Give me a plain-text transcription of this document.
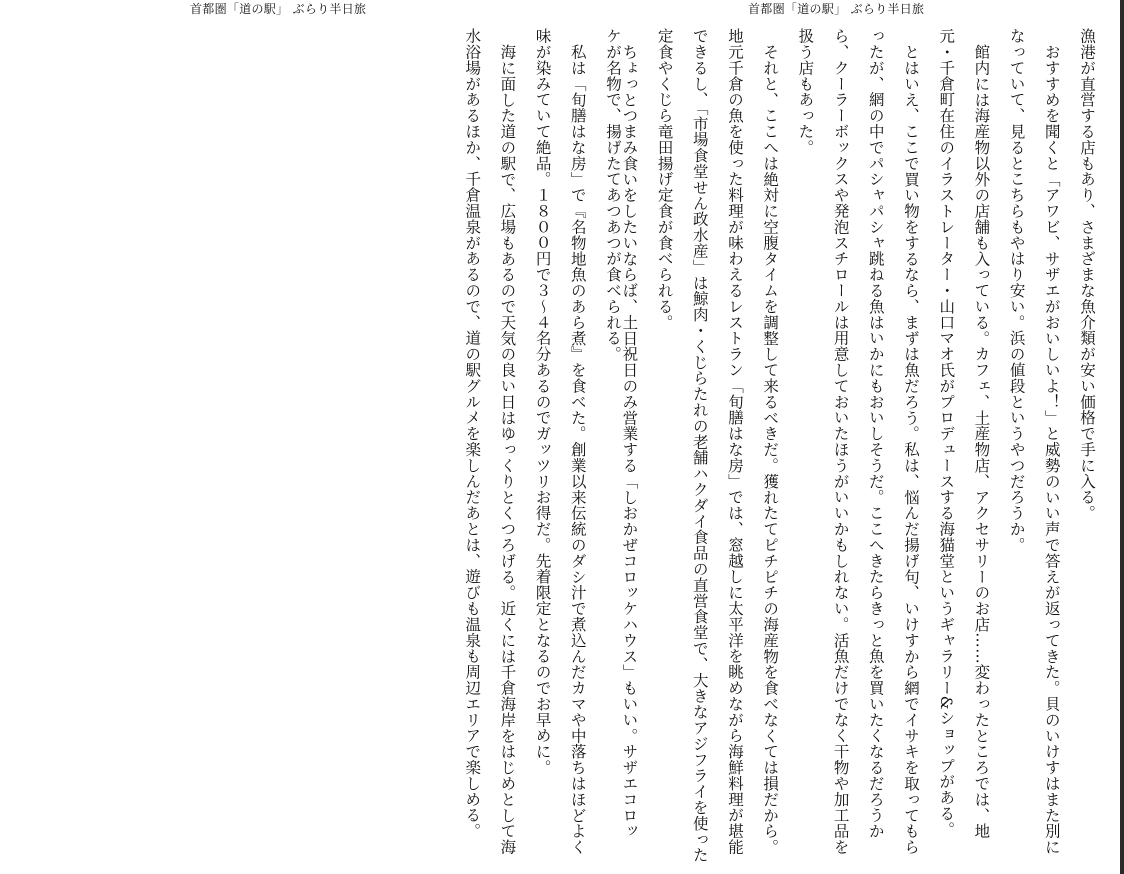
首都圏「道の駅」 ぶらり半日旅	首都圏「道の駅」 ぶらり半日旅

漁港が直営する店もあり、さまざまな魚介類が安い価格で手に入る。

おすすめを聞くと「アワビ、サザエがおいしいよ！」と威勢のいい声で答えが返ってきた。貝のいけすはまた別になっていて、見るとこちらもやはり安い。浜の値段というやつだろうか。

館内には海産物以外の店舗も入っている。カフェ、土産物店、アクセサリーのお店……変わったところでは、地元・千倉町在住のイラストレーター・山口マオ氏がプロデュースする海猫堂というギャラリー&ショップがある。

とはいえ、ここで買い物をするなら、まずは魚だろう。私は、悩んだ揚げ句、いけすから網でイサキを取ってもらったが、網の中でパシャパシャ跳ねる魚はいかにもおいしそうだ。ここへきたらきっと魚を買いたくなるだろうから、クーラーボックスや発泡スチロールは用意しておいたほうがいいかもしれない。活魚だけでなく干物や加工品を扱う店もあった。

それと、ここへは絶対に空腹タイムを調整して来るべきだ。獲れたてピチピチの海産物を食べなくては損だから。地元千倉の魚を使った料理が味わえるレストラン「旬膳はな房」では、窓越しに太平洋を眺めながら海鮮料理が堪能できるし、「市場食堂せん政水産」は鯨肉・くじらたれの老舗ハクダイ食品の直営食堂で、大きなアジフライを使った定食やくじら竜田揚げ定食が食べられる。

ちょっとつまみ食いをしたいならば、土日祝日のみ営業する「しおかぜコロッケハウス」もいい。サザエコロッ

ケが名物で、揚げたてあつあつが食べられる。

私は「旬膳はな房」で『名物地魚のあら煮』を食べた。創業以来伝統のダシ汁で煮込んだカマや中落ちはほどよく味が染みていて絶品。１８００円で３～４名分あるのでガッツリお得だ。先着限定となるのでお早めに。

海に面した道の駅で、広場もあるので天気の良い日はゆっくりとくつろげる。近くには千倉海岸をはじめとして海水浴場があるほか、千倉温泉があるので、道の駅グルメを楽しんだあとは、遊びも温泉も周辺エリアで楽しめる。
